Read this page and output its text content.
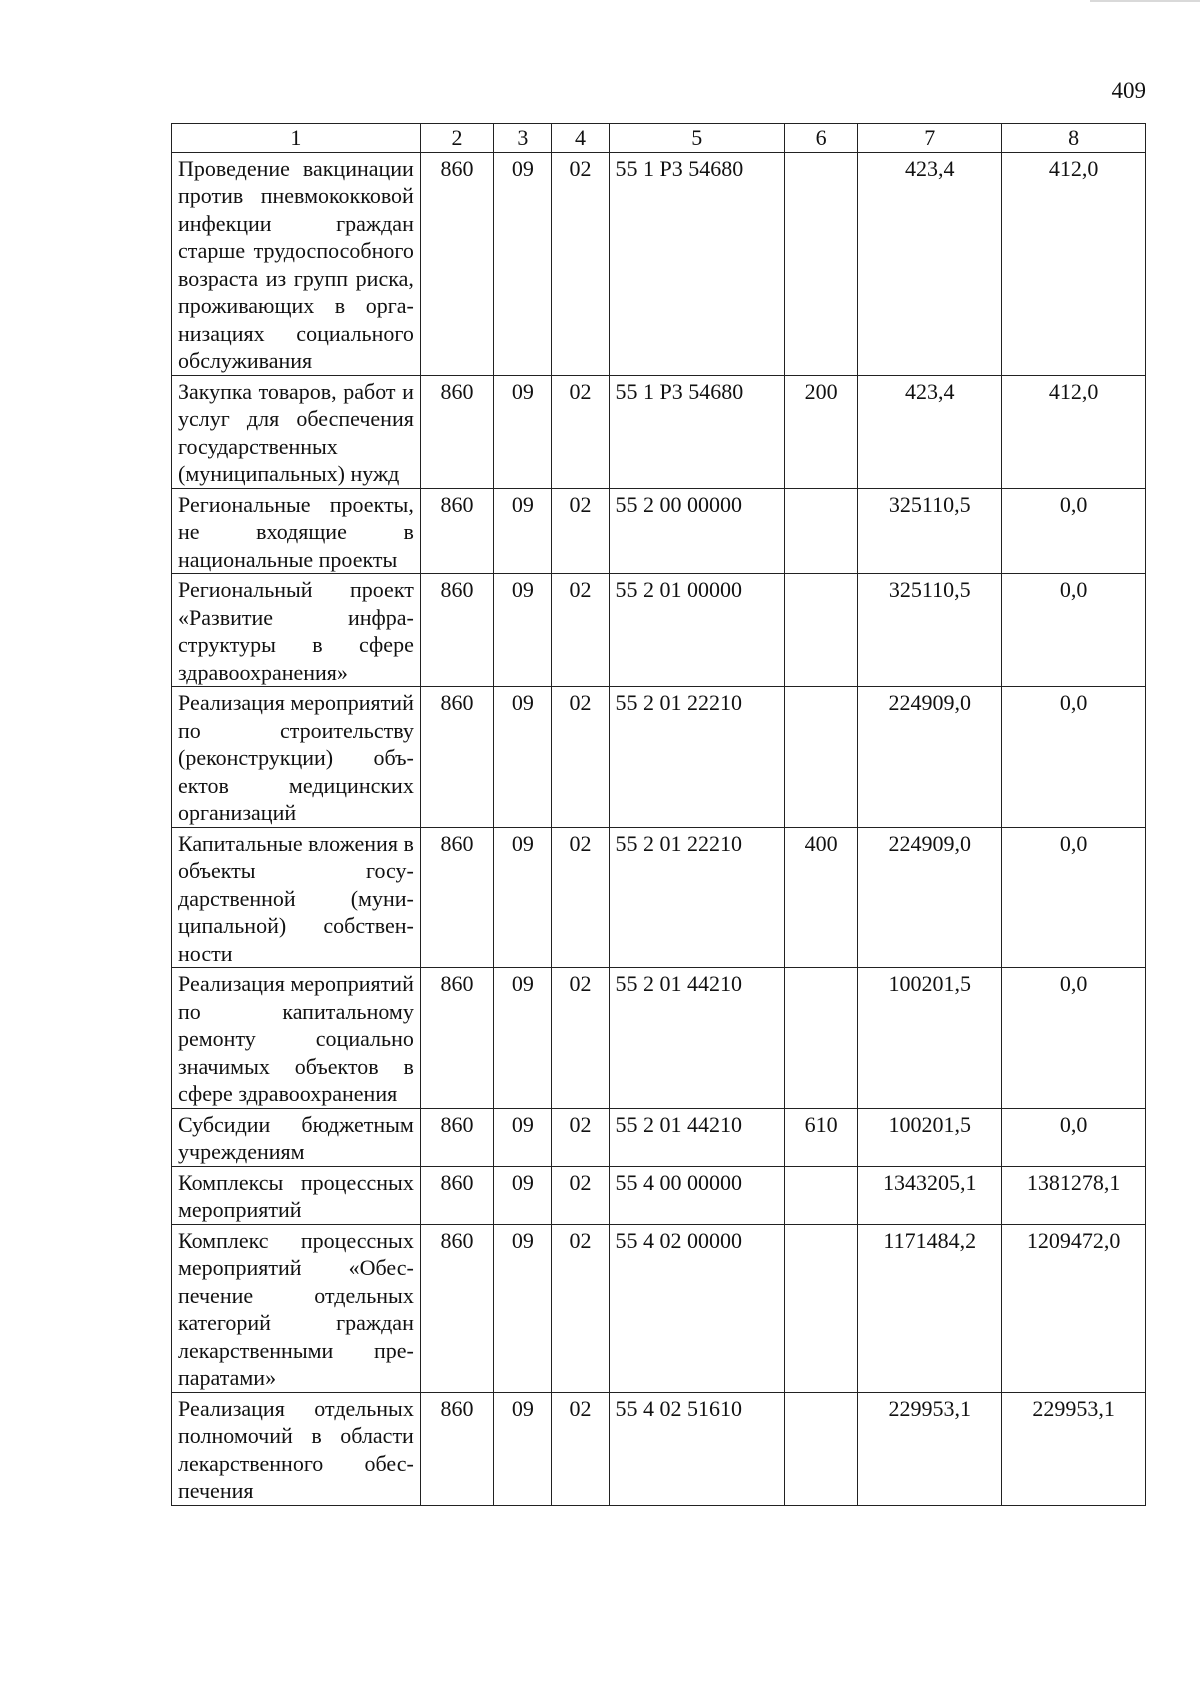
409
1	2	3	4	5	6	7	8
Проведение вакцинации против пневмококковой инфекции граждан старше трудоспособного возраста из групп риска, проживающих в организациях социального обслуживания	860	09	02	55 1 Р3 54680		423,4	412,0
Закупка товаров, работ и услуг для обеспечения государственных (муниципальных) нужд	860	09	02	55 1 Р3 54680	200	423,4	412,0
Региональные проекты, не входящие в национальные проекты	860	09	02	55 2 00 00000		325110,5	0,0
Региональный проект «Развитие инфраструктуры в сфере здравоохранения»	860	09	02	55 2 01 00000		325110,5	0,0
Реализация мероприятий по строительству (реконструкции) объектов медицинских организаций	860	09	02	55 2 01 22210		224909,0	0,0
Капитальные вложения в объекты государственной (муниципальной) собственности	860	09	02	55 2 01 22210	400	224909,0	0,0
Реализация мероприятий по капитальному ремонту социально значимых объектов в сфере здравоохранения	860	09	02	55 2 01 44210		100201,5	0,0
Субсидии бюджетным учреждениям	860	09	02	55 2 01 44210	610	100201,5	0,0
Комплексы процессных мероприятий	860	09	02	55 4 00 00000		1343205,1	1381278,1
Комплекс процессных мероприятий «Обеспечение отдельных категорий граждан лекарственными препаратами»	860	09	02	55 4 02 00000		1171484,2	1209472,0
Реализация отдельных полномочий в области лекарственного обеспечения	860	09	02	55 4 02 51610		229953,1	229953,1
